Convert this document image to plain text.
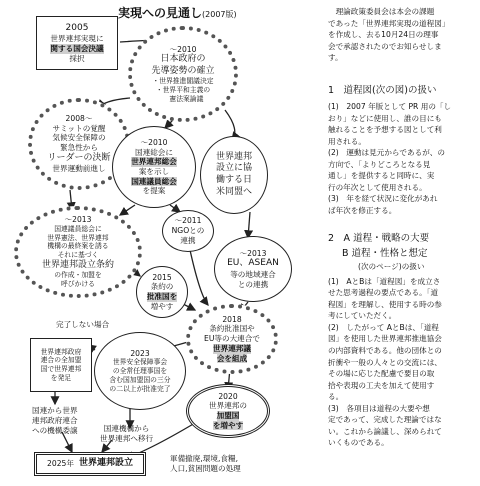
実現への見通し(2007版)
2005
世界連邦実現に
関する国会決議
採択
～2010
日本政府の
先導姿勢の確立
・世界推進閣議決定
・世界平和主義の
　憲法案論議
2008～
サミットの覚醒
気候安全保障の
緊急性から
リーダーの決断
世界運動前進し
～2010
国連総会に
世界連邦総会
案を示し
国連議員総会
を提案
世界連邦
設立に協
働する日
米同盟へ
～2011
NGOとの
連携
～2013
国連議員総会に
世界憲法、世界連邦
機構の最終案を誘る
それに基づく
世界連邦設立条約
の作成・加盟を
呼びかける
2015
条約の
批准国を
増やす
～2013
EU、ASEAN
等の地域連合
との連携
2018
条約批准国や
EU等の大連合で
世界連邦議
会を組成
2023
世界安全保障事会
の全常任理事国を
含む国加盟国の三分
の二以上が批准完了
2020
世界連邦の
加盟国
を増やす
完了しない場合
世界連邦政府
連合の全加盟
国で世界連邦
を発足
国連から世界
連邦政府連合
への機構委譲	国連機構から
世界連邦へ移行
2025年 世界連邦設立	軍備撤廃,環境,食糧,
人口,貧困問題の処理

　理論政策委員会は本会の課題

であった「世界連邦実現の道程図」

を作成し、去る10月24日の理事

会で承認されたのでお知らせしま

す。

1　道程図(次の図)の扱い

(1)　2007 年版として PR 用の「し

おり」などに使用し、誰の目にも

触れることを予想する図として利

用される。

(2)　運動は見元からであるが、の

方向で、「よりどころとなる見

通し」を提供すると同時に、実

行の年次として使用される。

(3)　年を経て状況に変化があれ

ば年次を修正する。

2　A 道程・戦略の大要
B 道程・性格と想定
(次のページ)の扱い

(1)　AとBは「道程図」を成立さ

せた思考過程の要点である。「道

程図」を理解し、使用する時の参

考にしていただく。

(2)　したがって AとBは、「道程

図」を使用した世界連邦推進協会

の内部資料である。他の団体との

折衝や一般の人々との交流には、

その場に応じた配慮で要目の取

拾や表現の工夫を加えて使用す

る。

(3)　各項目は道程の大要や想

定であって、完成した理論ではな

い。これから論議し、深められて

いくものである。
